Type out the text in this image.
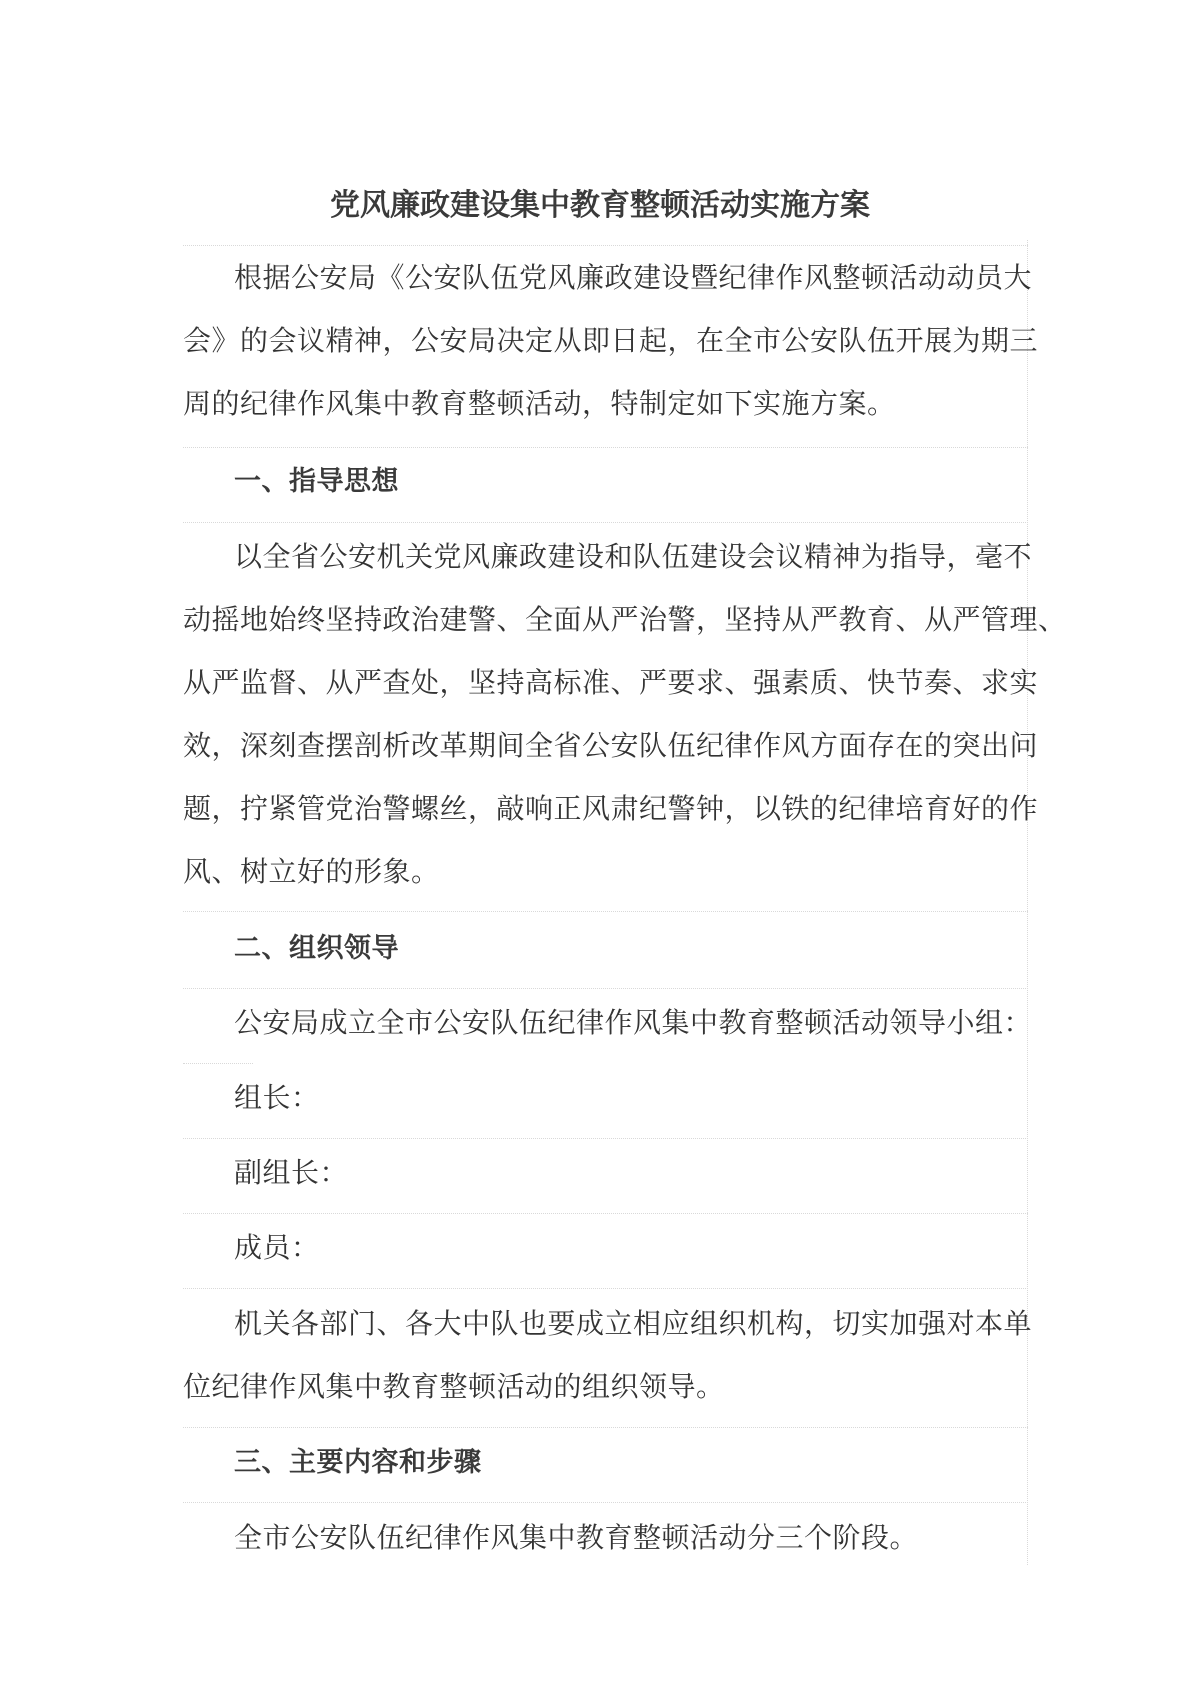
党风廉政建设集中教育整顿活动实施方案
根据公安局《公安队伍党风廉政建设暨纪律作风整顿活动动员大
会》的会议精神，公安局决定从即日起，在全市公安队伍开展为期三
周的纪律作风集中教育整顿活动，特制定如下实施方案。
一、指导思想
以全省公安机关党风廉政建设和队伍建设会议精神为指导，毫不
动摇地始终坚持政治建警、全面从严治警，坚持从严教育、从严管理、
从严监督、从严查处，坚持高标准、严要求、强素质、快节奏、求实
效，深刻查摆剖析改革期间全省公安队伍纪律作风方面存在的突出问
题，拧紧管党治警螺丝，敲响正风肃纪警钟，以铁的纪律培育好的作
风、树立好的形象。
二、组织领导
公安局成立全市公安队伍纪律作风集中教育整顿活动领导小组：
组长：
副组长：
成员：
机关各部门、各大中队也要成立相应组织机构，切实加强对本单
位纪律作风集中教育整顿活动的组织领导。
三、主要内容和步骤
全市公安队伍纪律作风集中教育整顿活动分三个阶段。
